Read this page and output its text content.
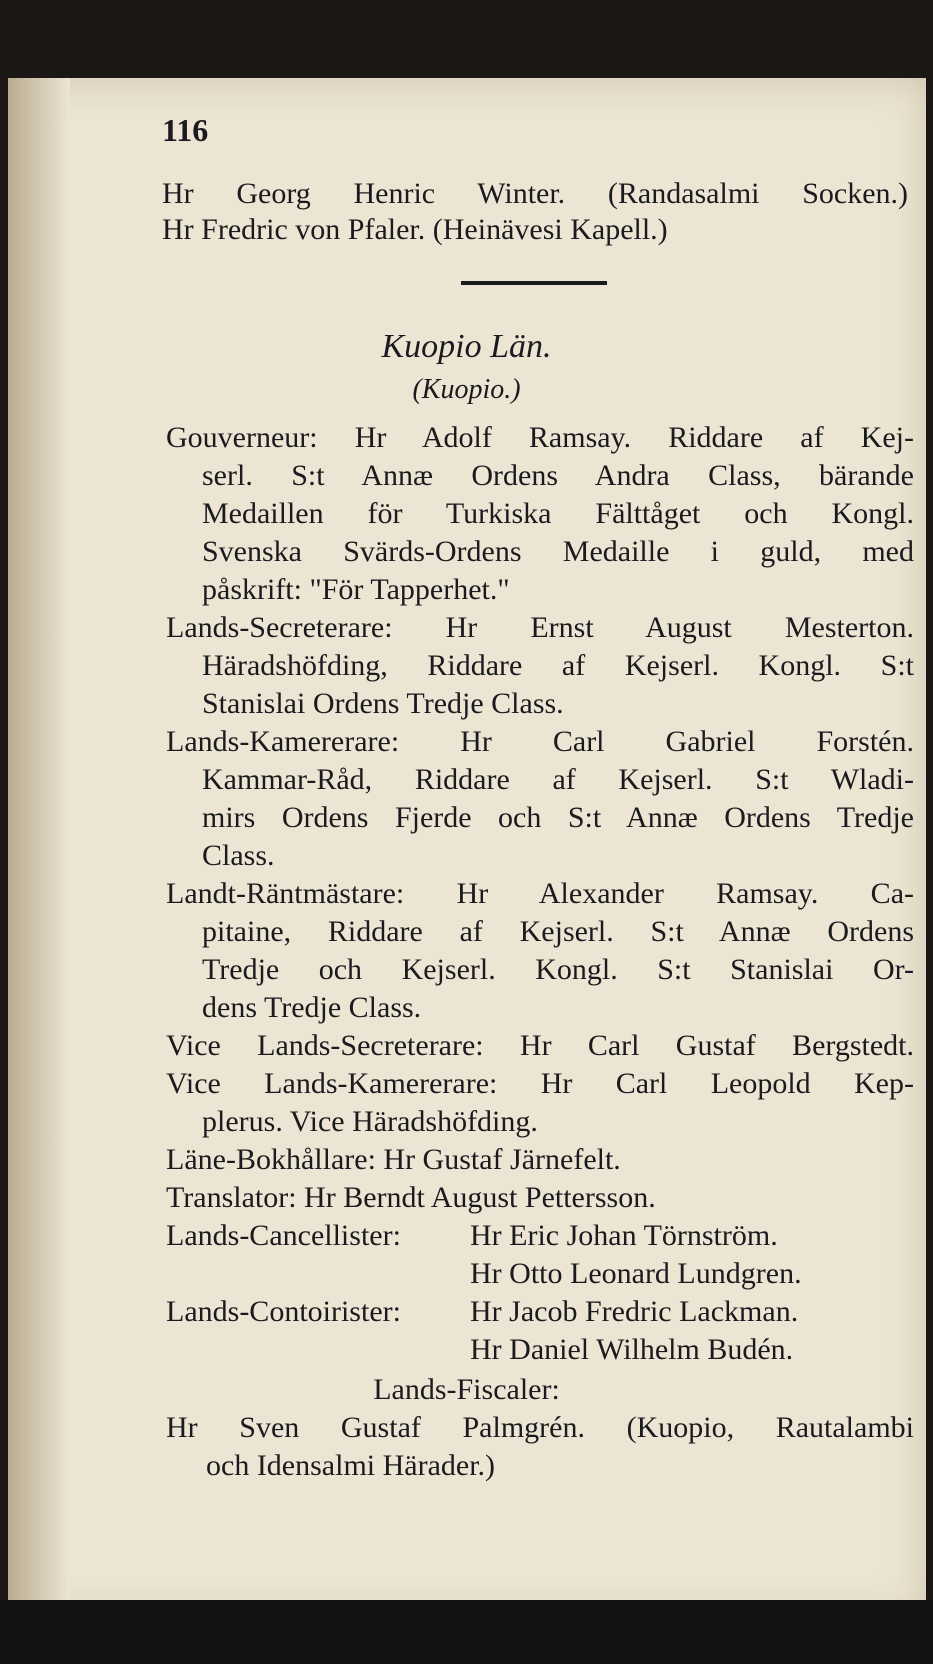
116
Hr Georg Henric Winter. (Randasalmi Socken.)
Hr Fredric von Pfaler. (Heinävesi Kapell.)
Kuopio Län.
(Kuopio.)
Gouverneur: Hr Adolf Ramsay. Riddare af Kej-
serl. S:t Annæ Ordens Andra Class, bärande
Medaillen för Turkiska Fälttåget och Kongl.
Svenska Svärds-Ordens Medaille i guld, med
påskrift: "För Tapperhet."
Lands-Secreterare: Hr Ernst August Mesterton.
Häradshöfding, Riddare af Kejserl. Kongl. S:t
Stanislai Ordens Tredje Class.
Lands-Kamererare: Hr Carl Gabriel Forstén.
Kammar-Råd, Riddare af Kejserl. S:t Wladi-
mirs Ordens Fjerde och S:t Annæ Ordens Tredje
Class.
Landt-Räntmästare: Hr Alexander Ramsay. Ca-
pitaine, Riddare af Kejserl. S:t Annæ Ordens
Tredje och Kejserl. Kongl. S:t Stanislai Or-
dens Tredje Class.
Vice Lands-Secreterare: Hr Carl Gustaf Bergstedt.
Vice Lands-Kamererare: Hr Carl Leopold Kep-
plerus. Vice Häradshöfding.
Läne-Bokhållare: Hr Gustaf Järnefelt.
Translator: Hr Berndt August Pettersson.
Lands-Cancellister: Hr Eric Johan Törnström.
Hr Otto Leonard Lundgren.
Lands-Contoirister: Hr Jacob Fredric Lackman.
Hr Daniel Wilhelm Budén.
Lands-Fiscaler:
Hr Sven Gustaf Palmgrén. (Kuopio, Rautalambi
och Idensalmi Härader.)
